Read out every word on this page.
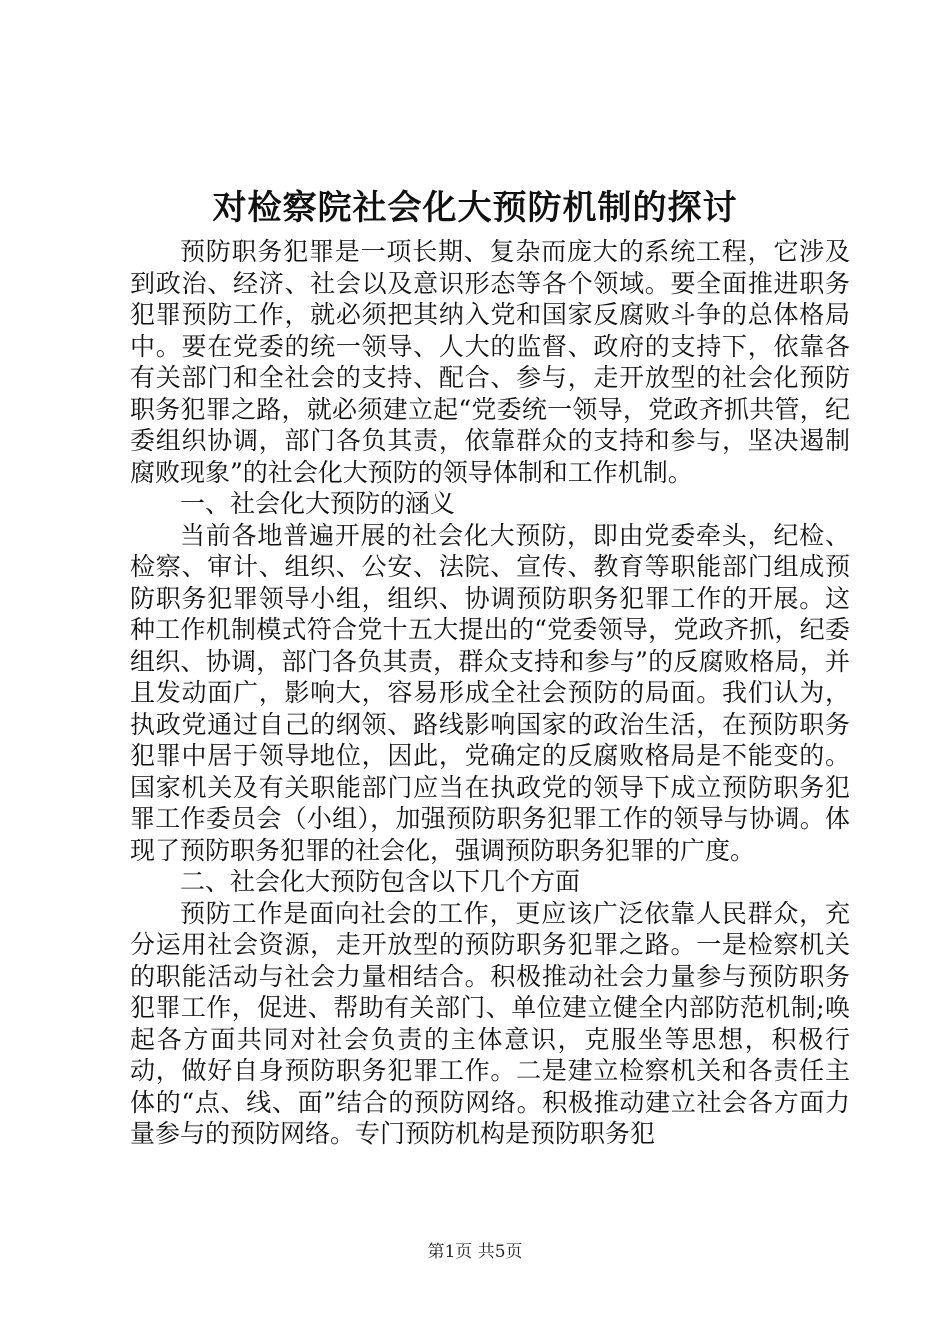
对检察院社会化大预防机制的探讨

预防职务犯罪是一项长期、复杂而庞大的系统工程，它涉及到政治、经济、社会以及意识形态等各个领域。要全面推进职务犯罪预防工作，就必须把其纳入党和国家反腐败斗争的总体格局中。要在党委的统一领导、人大的监督、政府的支持下，依靠各有关部门和全社会的支持、配合、参与，走开放型的社会化预防职务犯罪之路，就必须建立起“党委统一领导，党政齐抓共管，纪委组织协调，部门各负其责，依靠群众的支持和参与，坚决遏制腐败现象”的社会化大预防的领导体制和工作机制。

一、社会化大预防的涵义

当前各地普遍开展的社会化大预防，即由党委牵头，纪检、检察、审计、组织、公安、法院、宣传、教育等职能部门组成预防职务犯罪领导小组，组织、协调预防职务犯罪工作的开展。这种工作机制模式符合党十五大提出的“党委领导，党政齐抓，纪委组织、协调，部门各负其责，群众支持和参与”的反腐败格局，并且发动面广，影响大，容易形成全社会预防的局面。我们认为，执政党通过自己的纲领、路线影响国家的政治生活，在预防职务犯罪中居于领导地位，因此，党确定的反腐败格局是不能变的。国家机关及有关职能部门应当在执政党的领导下成立预防职务犯罪工作委员会（小组），加强预防职务犯罪工作的领导与协调。体现了预防职务犯罪的社会化，强调预防职务犯罪的广度。

二、社会化大预防包含以下几个方面

预防工作是面向社会的工作，更应该广泛依靠人民群众，充分运用社会资源，走开放型的预防职务犯罪之路。一是检察机关的职能活动与社会力量相结合。积极推动社会力量参与预防职务犯罪工作，促进、帮助有关部门、单位建立健全内部防范机制;唤起各方面共同对社会负责的主体意识，克服坐等思想，积极行动，做好自身预防职务犯罪工作。二是建立检察机关和各责任主体的“点、线、面”结合的预防网络。积极推动建立社会各方面力量参与的预防网络。专门预防机构是预防职务犯

第1页 共5页
